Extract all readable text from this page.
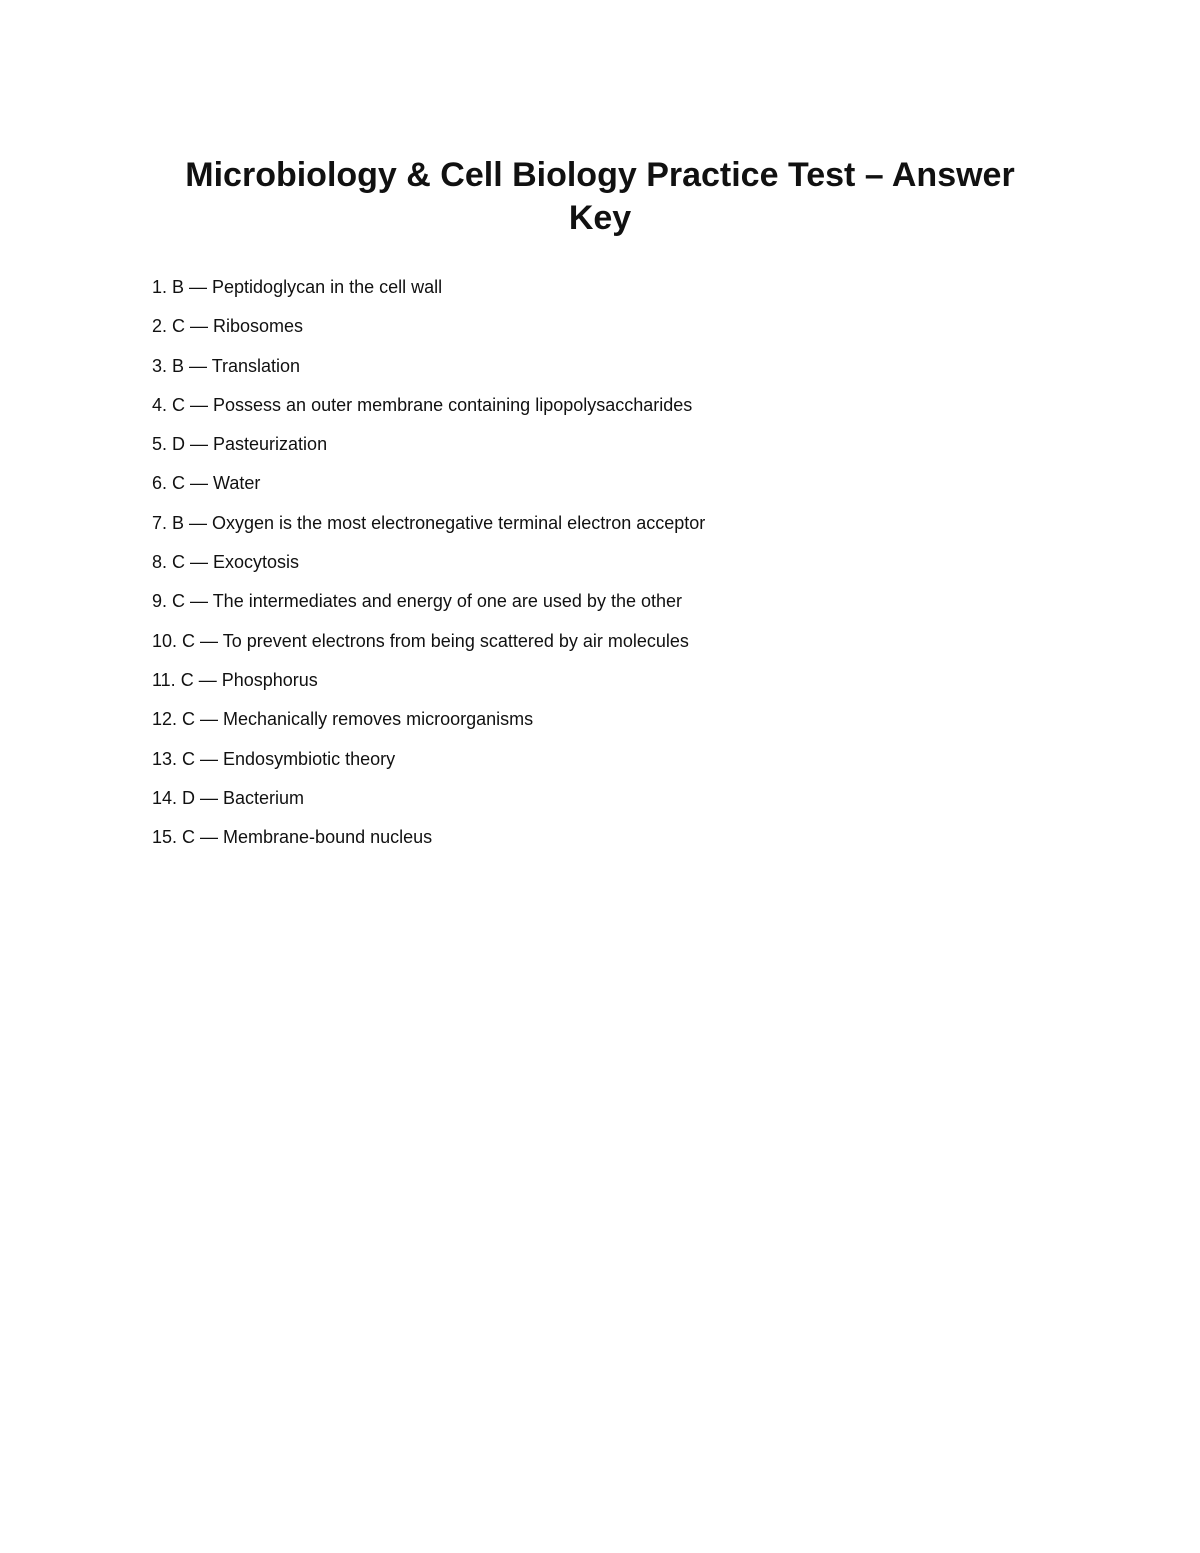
Microbiology & Cell Biology Practice Test – Answer Key
1. B — Peptidoglycan in the cell wall
2. C — Ribosomes
3. B — Translation
4. C — Possess an outer membrane containing lipopolysaccharides
5. D — Pasteurization
6. C — Water
7. B — Oxygen is the most electronegative terminal electron acceptor
8. C — Exocytosis
9. C — The intermediates and energy of one are used by the other
10. C — To prevent electrons from being scattered by air molecules
11. C — Phosphorus
12. C — Mechanically removes microorganisms
13. C — Endosymbiotic theory
14. D — Bacterium
15. C — Membrane-bound nucleus
